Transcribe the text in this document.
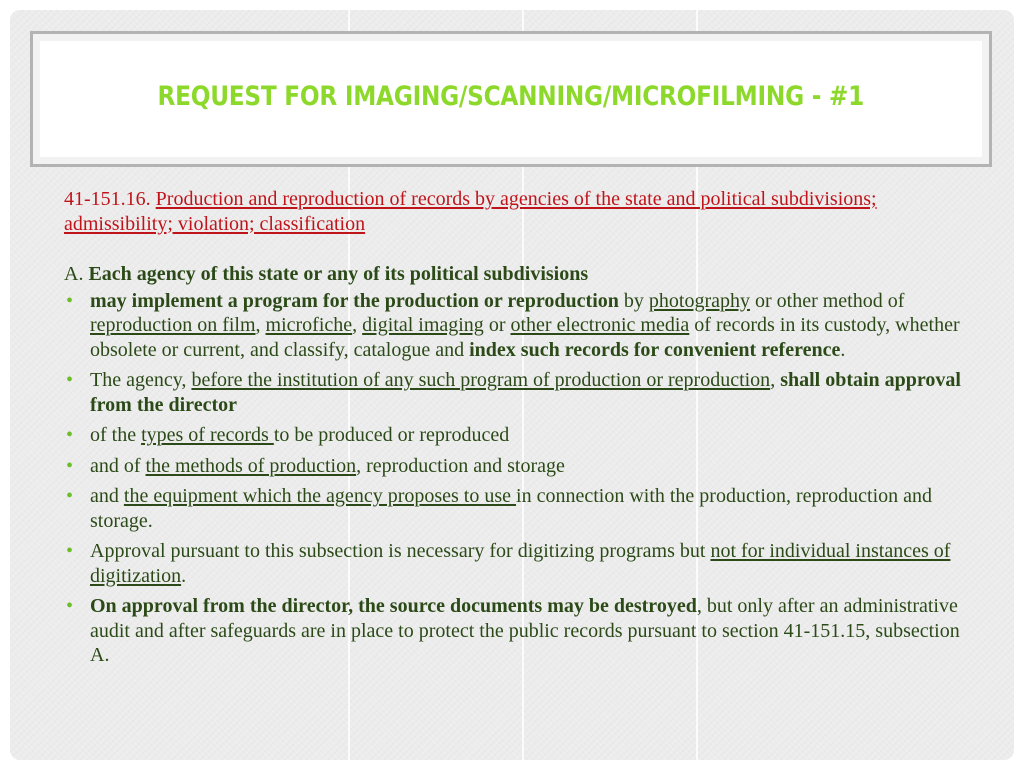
REQUEST FOR IMAGING/SCANNING/MICROFILMING - #1

41-151.16. Production and reproduction of records by agencies of the state and political subdivisions; admissibility; violation; classification

A. Each agency of this state or any of its political subdivisions

• may implement a program for the production or reproduction by photography or other method of reproduction on film, microfiche, digital imaging or other electronic media of records in its custody, whether obsolete or current, and classify, catalogue and index such records for convenient reference.
• The agency, before the institution of any such program of production or reproduction, shall obtain approval from the director
• of the types of records to be produced or reproduced
• and of the methods of production, reproduction and storage
• and the equipment which the agency proposes to use in connection with the production, reproduction and storage.
• Approval pursuant to this subsection is necessary for digitizing programs but not for individual instances of digitization.
• On approval from the director, the source documents may be destroyed, but only after an administrative audit and after safeguards are in place to protect the public records pursuant to section 41-151.15, subsection A.
